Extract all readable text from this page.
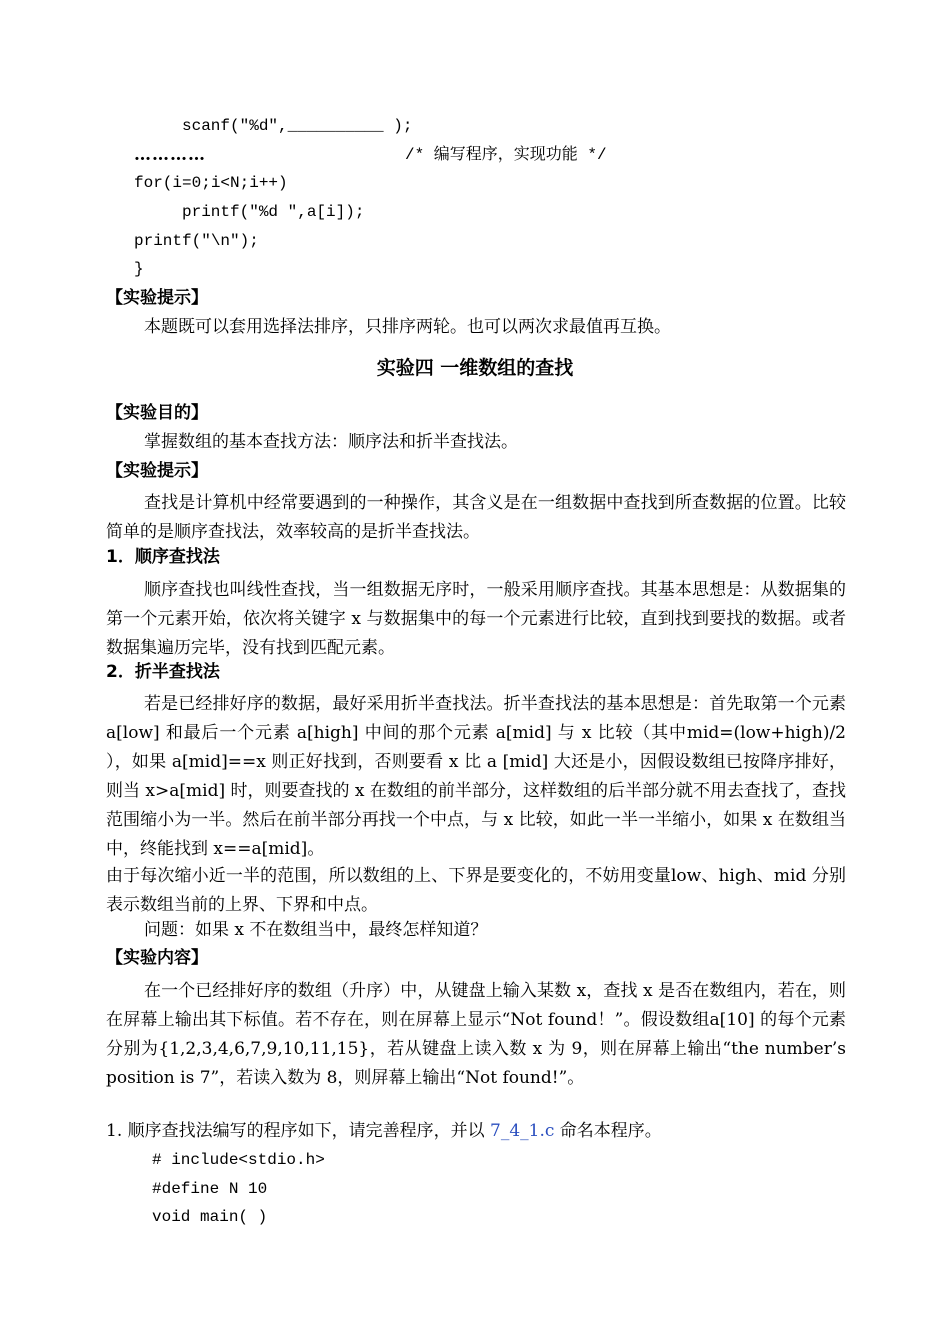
scanf("%d",__________ );
…………	/* 编写程序，实现功能 */
for(i=0;i<N;i++)
printf("%d ",a[i]);
printf("\n");
}
【实验提示】
本题既可以套用选择法排序，只排序两轮。也可以两次求最值再互换。
实验四 一维数组的查找
【实验目的】
掌握数组的基本查找方法：顺序法和折半查找法。
【实验提示】
查找是计算机中经常要遇到的一种操作，其含义是在一组数据中查找到所查数据的位置。比较简单的是顺序查找法，效率较高的是折半查找法。
1．顺序查找法
顺序查找也叫线性查找，当一组数据无序时，一般采用顺序查找。其基本思想是：从数据集的第一个元素开始，依次将关键字 x 与数据集中的每一个元素进行比较，直到找到要找的数据。或者数据集遍历完毕，没有找到匹配元素。
2．折半查找法
若是已经排好序的数据，最好采用折半查找法。折半查找法的基本思想是：首先取第一个元素 a[low] 和最后一个元素 a[high] 中间的那个元素 a[mid] 与 x 比较（其中mid=(low+high)/2 ），如果 a[mid]==x 则正好找到，否则要看 x 比 a [mid] 大还是小，因假设数组已按降序排好，则当 x>a[mid] 时，则要查找的 x 在数组的前半部分，这样数组的后半部分就不用去查找了，查找范围缩小为一半。然后在前半部分再找一个中点，与 x 比较，如此一半一半缩小，如果 x 在数组当中，终能找到 x==a[mid]。
由于每次缩小近一半的范围，所以数组的上、下界是要变化的，不妨用变量low、high、mid 分别表示数组当前的上界、下界和中点。
问题：如果 x 不在数组当中，最终怎样知道？
【实验内容】
在一个已经排好序的数组（升序）中，从键盘上输入某数 x，查找 x 是否在数组内，若在，则在屏幕上输出其下标值。若不存在，则在屏幕上显示“Not found！”。假设数组a[10] 的每个元素分别为{1,2,3,4,6,7,9,10,11,15}，若从键盘上读入数 x 为 9，则在屏幕上输出“the number’s position is 7”，若读入数为 8，则屏幕上输出“Not found!”。
1. 顺序查找法编写的程序如下，请完善程序，并以 7_4_1.c 命名本程序。
# include<stdio.h>
#define N 10
void main( )
